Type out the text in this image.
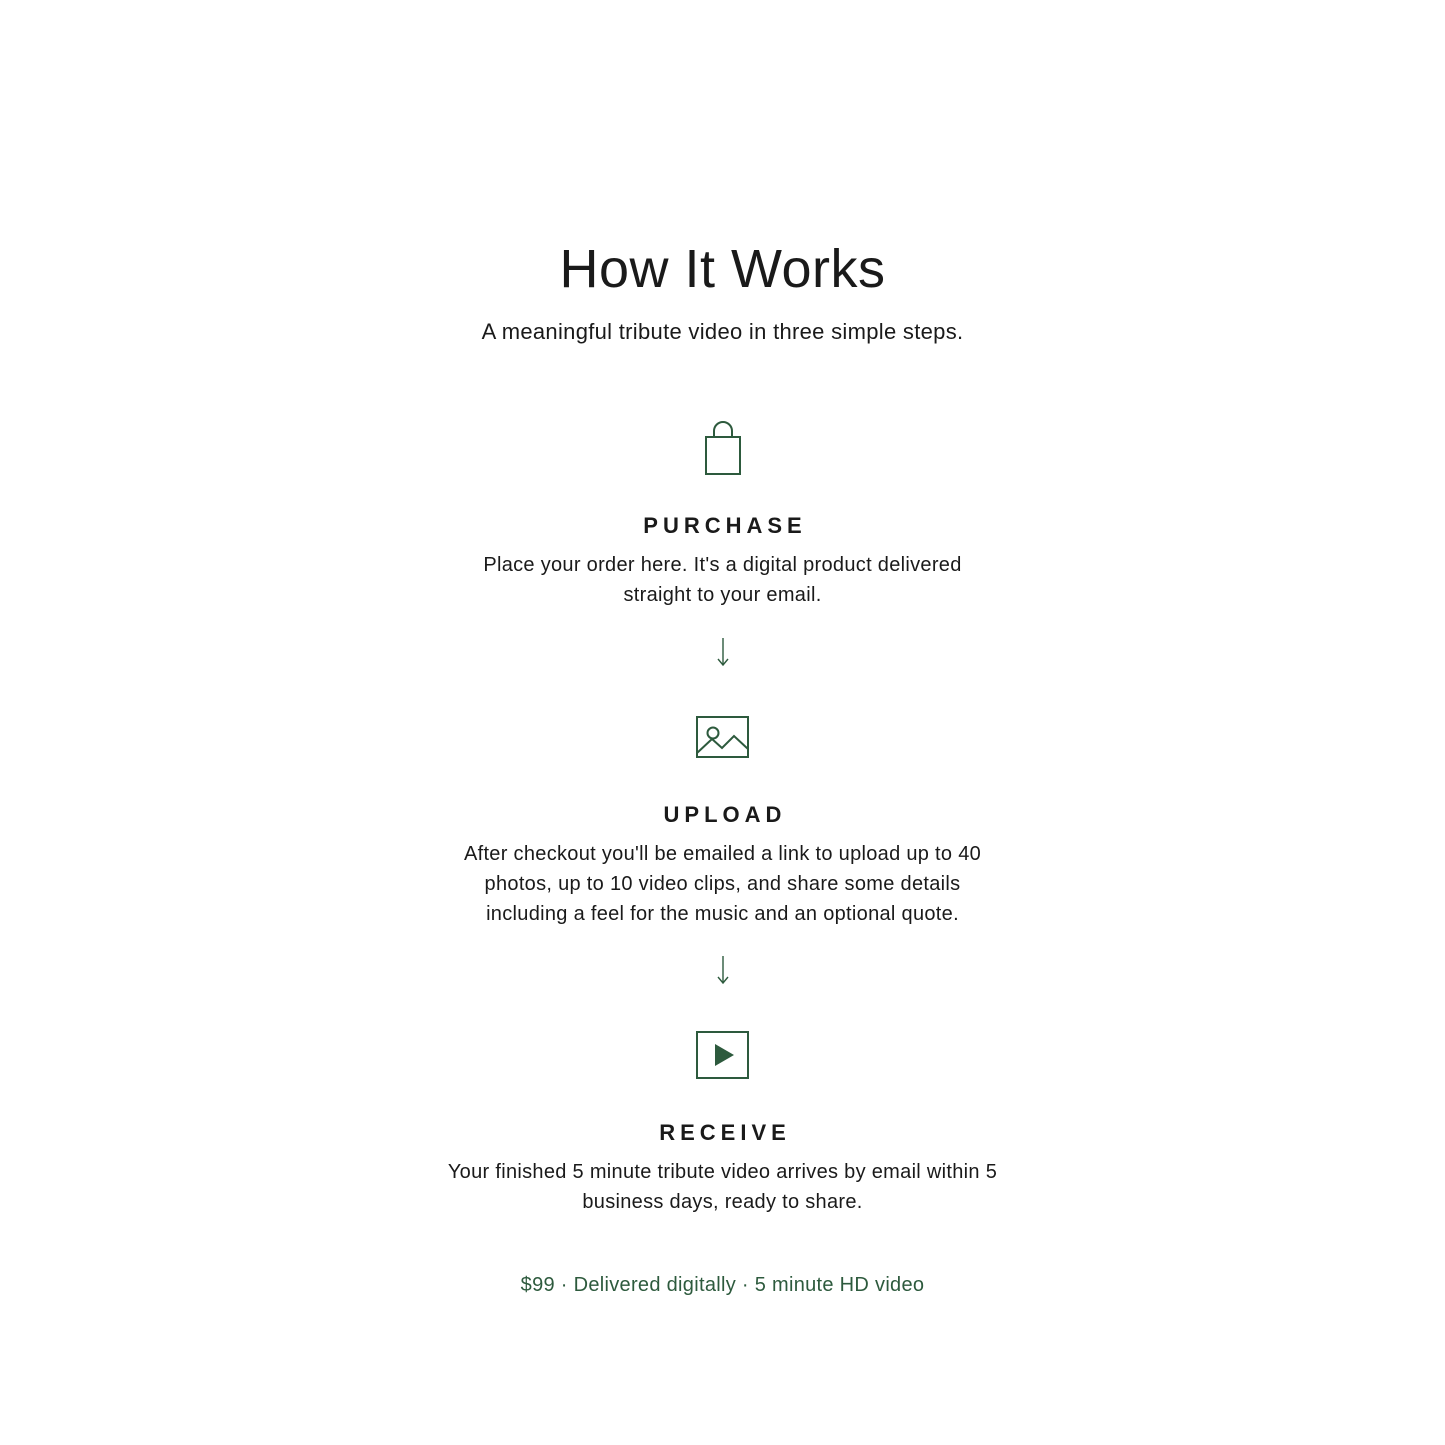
How It Works

A meaningful tribute video in three simple steps.

PURCHASE

Place your order here. It's a digital product delivered straight to your email.

UPLOAD

After checkout you'll be emailed a link to upload up to 40 photos, up to 10 video clips, and share some details including a feel for the music and an optional quote.

RECEIVE

Your finished 5 minute tribute video arrives by email within 5 business days, ready to share.

$99 · Delivered digitally · 5 minute HD video
